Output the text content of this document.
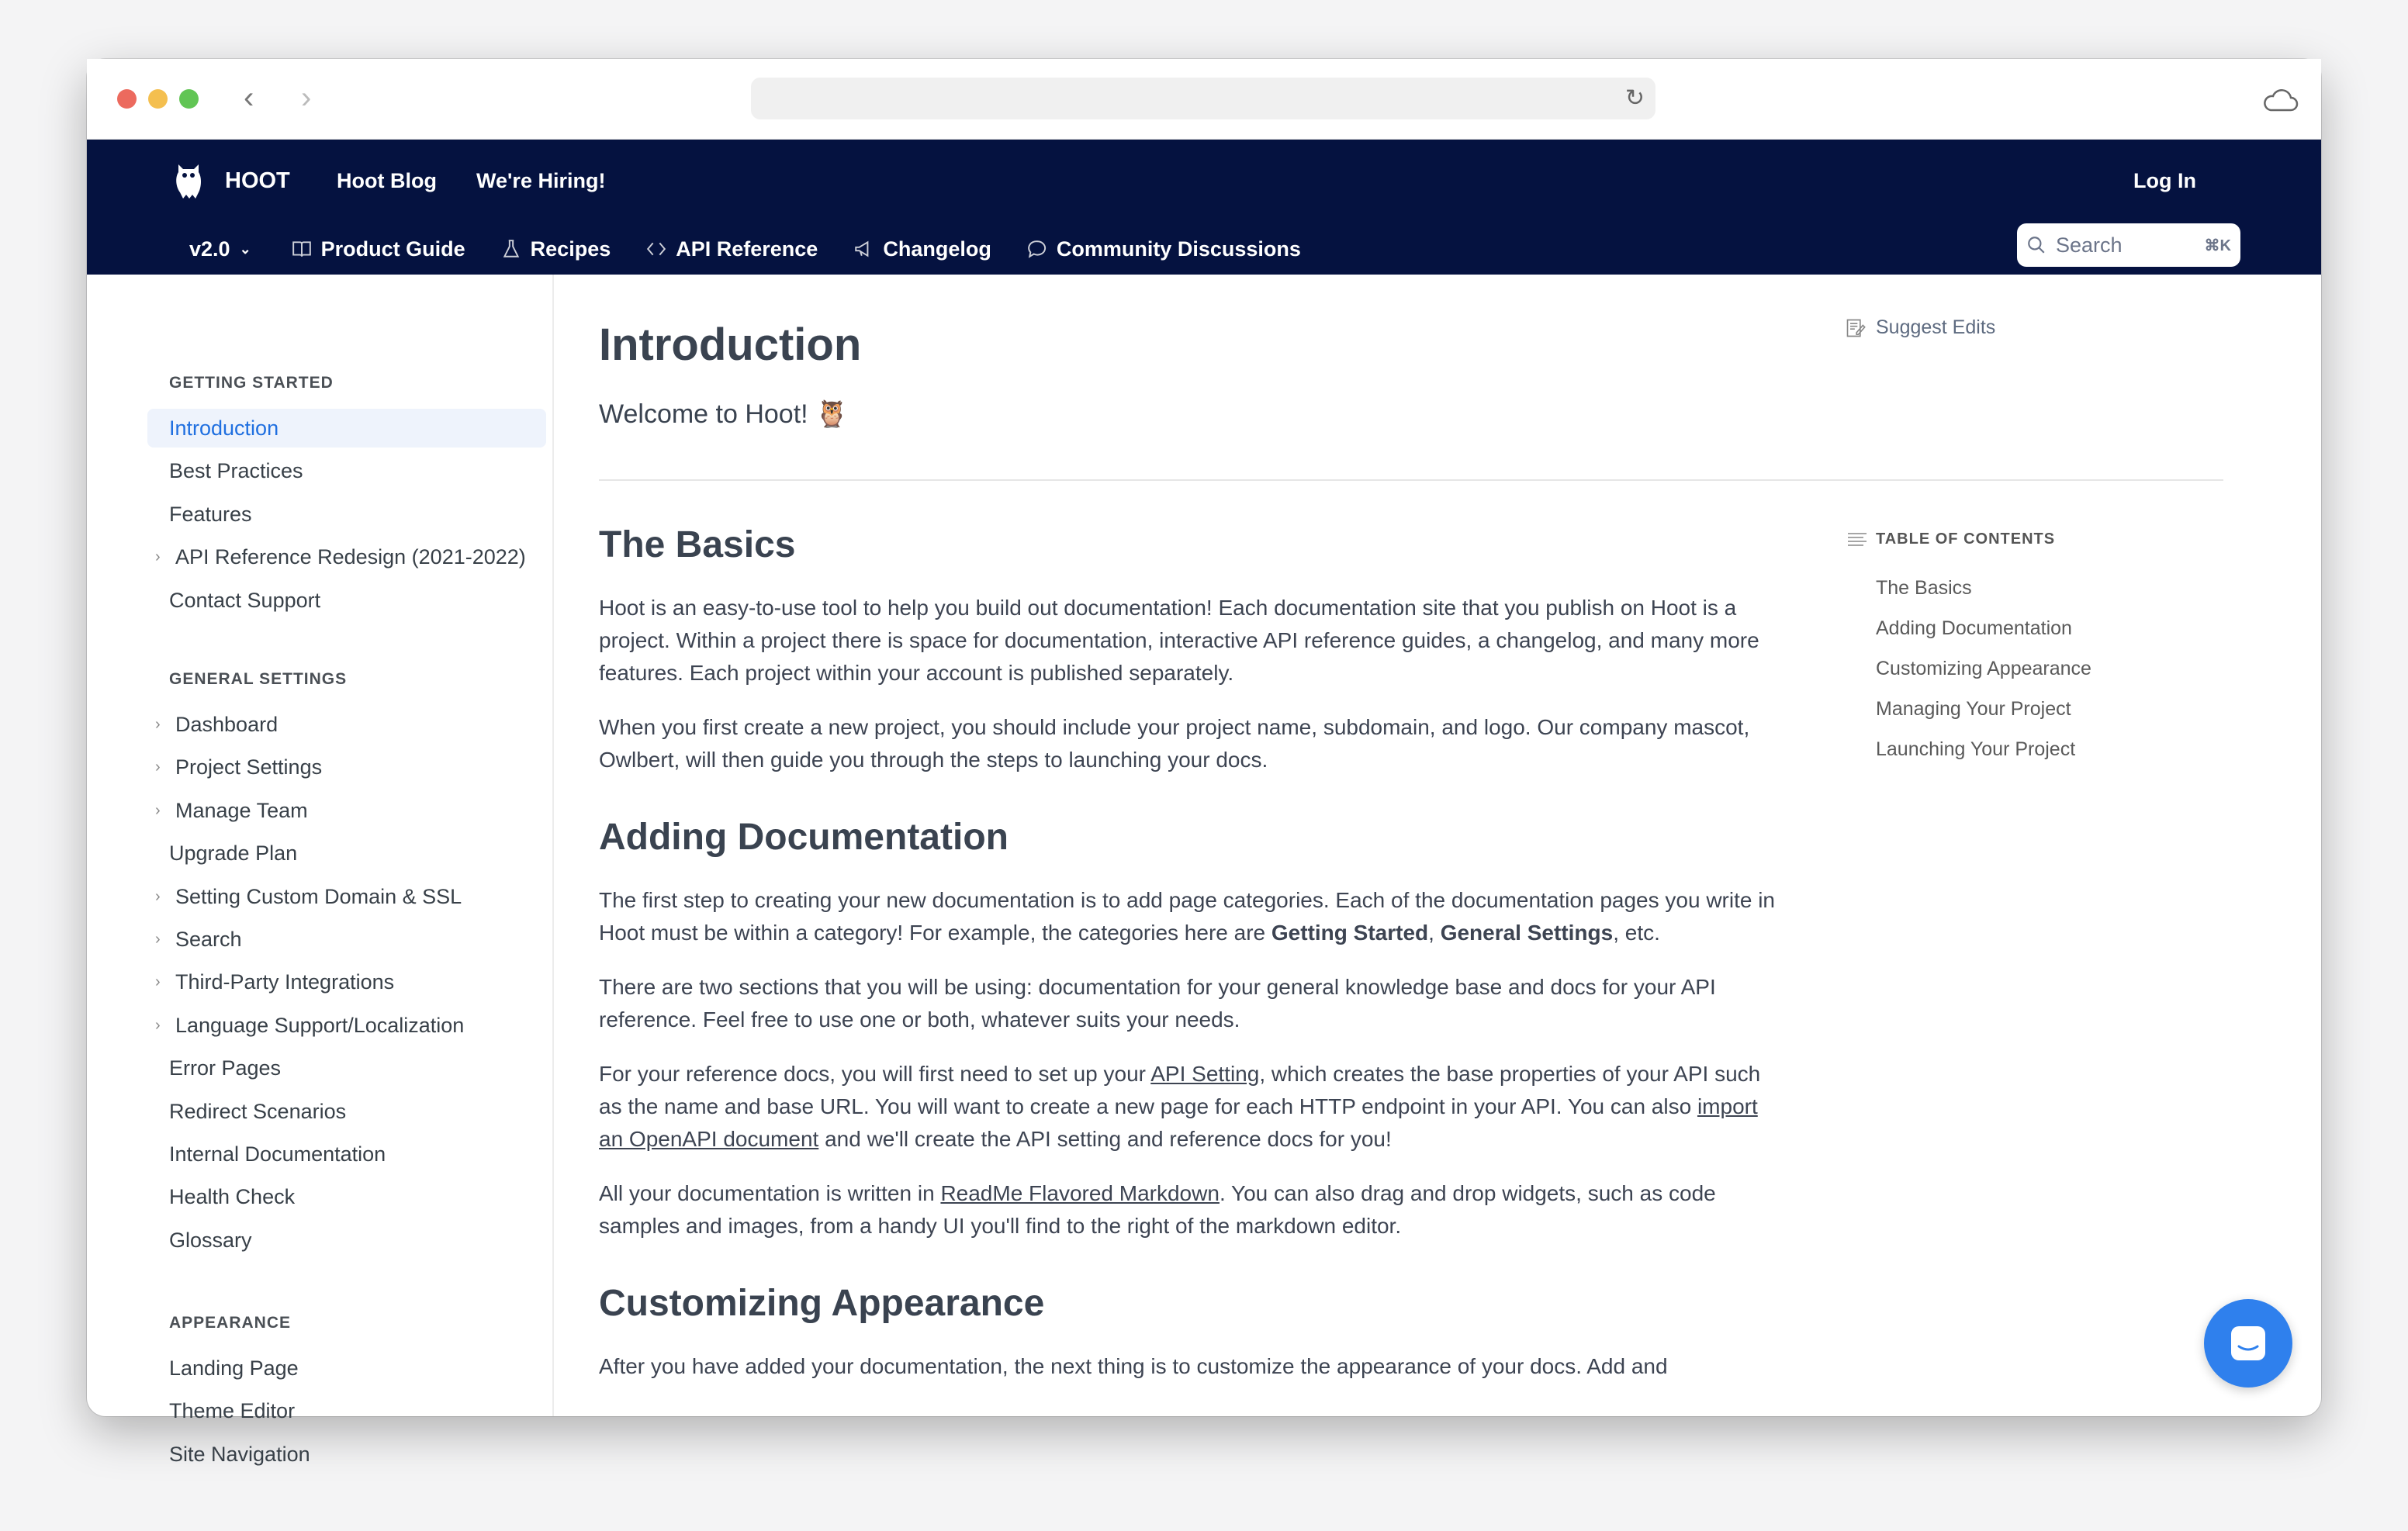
‹ ›	↻
HOOT Hoot Blog We're Hiring!	Log In
v2.0 ⌄	Product Guide	Recipes	API Reference	Changelog	Community Discussions	Search	⌘K
GETTING STARTED
Introduction
Best Practices
Features
› API Reference Redesign (2021-2022)
Contact Support
GENERAL SETTINGS
› Dashboard
› Project Settings
› Manage Team
Upgrade Plan
› Setting Custom Domain & SSL
› Search
› Third-Party Integrations
› Language Support/Localization
Error Pages
Redirect Scenarios
Internal Documentation
Health Check
Glossary
APPEARANCE
Landing Page
Theme Editor
Site Navigation
Introduction
Welcome to Hoot! 🦉
The Basics

Hoot is an easy-to-use tool to help you build out documentation! Each documentation site that you publish on Hoot is a project. Within a project there is space for documentation, interactive API reference guides, a changelog, and many more features. Each project within your account is published separately.

When you first create a new project, you should include your project name, subdomain, and logo. Our company mascot, Owlbert, will then guide you through the steps to launching your docs.

Adding Documentation

The first step to creating your new documentation is to add page categories. Each of the documentation pages you write in Hoot must be within a category! For example, the categories here are Getting Started, General Settings, etc.

There are two sections that you will be using: documentation for your general knowledge base and docs for your API reference. Feel free to use one or both, whatever suits your needs.

For your reference docs, you will first need to set up your API Setting, which creates the base properties of your API such as the name and base URL. You will want to create a new page for each HTTP endpoint in your API. You can also import an OpenAPI document and we'll create the API setting and reference docs for you!

All your documentation is written in ReadMe Flavored Markdown. You can also drag and drop widgets, such as code samples and images, from a handy UI you'll find to the right of the markdown editor.

Customizing Appearance

After you have added your documentation, the next thing is to customize the appearance of your docs. Add and

Suggest Edits
TABLE OF CONTENTS
The Basics
Adding Documentation
Customizing Appearance
Managing Your Project
Launching Your Project
